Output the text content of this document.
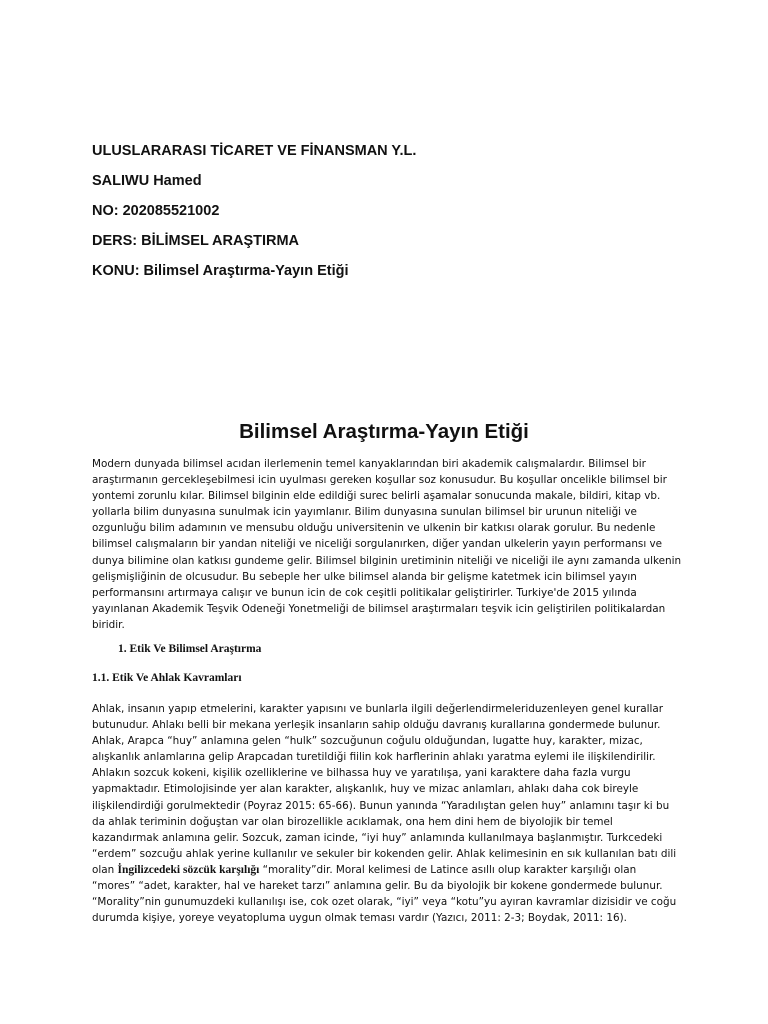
ULUSLARARASI TİCARET VE FİNANSMAN Y.L.

SALIWU Hamed

NO: 202085521002

DERS: BİLİMSEL ARAŞTIRMA

KONU: Bilimsel Araştırma-Yayın Etiği

Bilimsel Araştırma-Yayın Etiği

Modern dunyada bilimsel acıdan ilerlemenin temel kanyaklarından biri akademik calışmalardır. Bilimsel bir araştırmanın gercekleşebilmesi icin uyulması gereken koşullar soz konusudur. Bu koşullar oncelikle bilimsel bir yontemi zorunlu kılar. Bilimsel bilginin elde edildiği surec belirli aşamalar sonucunda makale, bildiri, kitap vb. yollarla bilim dunyasına sunulmak icin yayımlanır. Bilim dunyasına sunulan bilimsel bir urunun niteliği ve ozgunluğu bilim adamının ve mensubu olduğu universitenin ve ulkenin bir katkısı olarak gorulur. Bu nedenle bilimsel calışmaların bir yandan niteliği ve niceliği sorgulanırken, diğer yandan ulkelerin yayın performansı ve dunya bilimine olan katkısı gundeme gelir. Bilimsel bilginin uretiminin niteliği ve niceliği ile aynı zamanda ulkenin gelişmişliğinin de olcusudur. Bu sebeple her ulke bilimsel alanda bir gelişme katetmek icin bilimsel yayın performansını artırmaya calışır ve bunun icin de cok ceşitli politikalar geliştirirler. Turkiye'de 2015 yılında yayınlanan Akademik Teşvik Odeneği Yonetmeliği de bilimsel araştırmaları teşvik icin geliştirilen politikalardan biridir.

1. Etik Ve Bilimsel Araştırma

1.1. Etik Ve Ahlak Kavramları

Ahlak, insanın yapıp etmelerini, karakter yapısını ve bunlarla ilgili değerlendirmeleriduzenleyen genel kurallar butunudur. Ahlakı belli bir mekana yerleşik insanların sahip olduğu davranış kurallarına gondermede bulunur. Ahlak, Arapca “huy” anlamına gelen “hulk” sozcuğunun coğulu olduğundan, lugatte huy, karakter, mizac, alışkanlık anlamlarına gelip Arapcadan turetildiği fiilin kok harflerinin ahlakı yaratma eylemi ile ilişkilendirilir. Ahlakın sozcuk kokeni, kişilik ozelliklerine ve bilhassa huy ve yaratılışa, yani karaktere daha fazla vurgu yapmaktadır. Etimolojisinde yer alan karakter, alışkanlık, huy ve mizac anlamları, ahlakı daha cok bireyle ilişkilendirdiği gorulmektedir (Poyraz 2015: 65-66). Bunun yanında “Yaradılıştan gelen huy” anlamını taşır ki bu da ahlak teriminin doğuştan var olan birozellikle acıklamak, ona hem dini hem de biyolojik bir temel kazandırmak anlamına gelir. Sozcuk, zaman icinde, “iyi huy” anlamında kullanılmaya başlanmıştır. Turkcedeki “erdem” sozcuğu ahlak yerine kullanılır ve sekuler bir kokenden gelir. Ahlak kelimesinin en sık kullanılan batı dili olan İngilizcedeki sözcük karşılığı “morality”dir. Moral kelimesi de Latince asıllı olup karakter karşılığı olan “mores” “adet, karakter, hal ve hareket tarzı” anlamına gelir. Bu da biyolojik bir kokene gondermede bulunur. “Morality”nin gunumuzdeki kullanılışı ise, cok ozet olarak, “iyi” veya “kotu”yu ayıran kavramlar dizisidir ve coğu durumda kişiye, yoreye veyatopluma uygun olmak teması vardır (Yazıcı, 2011: 2-3; Boydak, 2011: 16).
